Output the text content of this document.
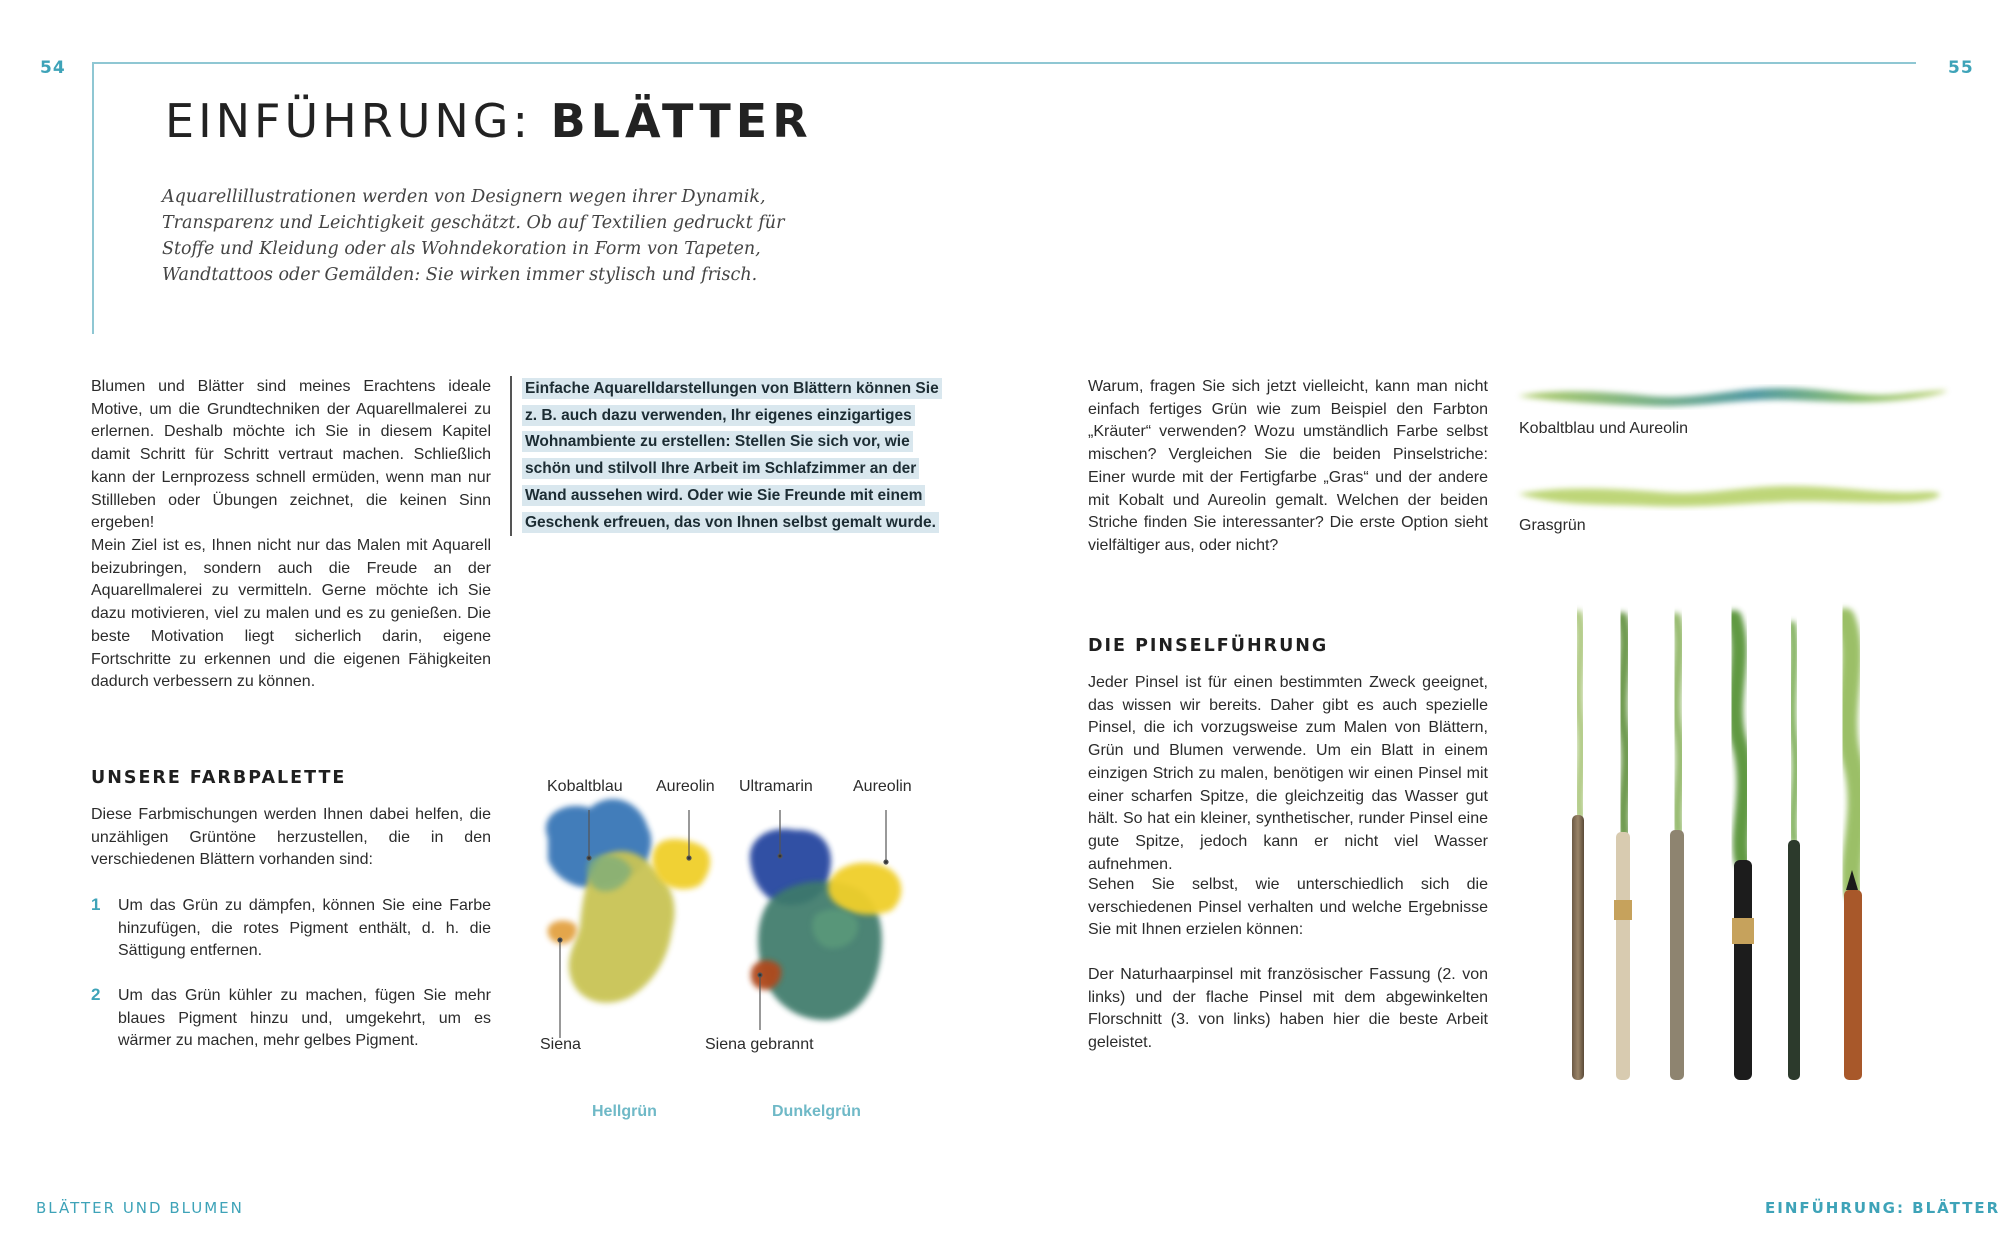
54	55
EINFÜHRUNG: BLÄTTER
Aquarellillustrationen werden von Designern wegen ihrer Dynamik, Transparenz und Leichtigkeit geschätzt. Ob auf Textilien gedruckt für Stoffe und Kleidung oder als Wohndekoration in Form von Tapeten, Wandtattoos oder Gemälden: Sie wirken immer stylisch und frisch.
Blumen und Blätter sind meines Erachtens ideale Motive, um die Grundtechniken der Aquarellmalerei zu erlernen. Deshalb möchte ich Sie in diesem Kapitel damit Schritt für Schritt vertraut machen. Schließlich kann der Lernprozess schnell ermüden, wenn man nur Stillleben oder Übungen zeichnet, die keinen Sinn ergeben!
Mein Ziel ist es, Ihnen nicht nur das Malen mit Aquarell beizubringen, sondern auch die Freude an der Aquarellmalerei zu vermitteln. Gerne möchte ich Sie dazu motivieren, viel zu malen und es zu genießen. Die beste Motivation liegt sicherlich darin, eigene Fortschritte zu erkennen und die eigenen Fähigkeiten dadurch verbessern zu können.
Einfache Aquarelldarstellungen von Blättern können Sie z. B. auch dazu verwenden, Ihr eigenes einzigartiges Wohnambiente zu erstellen: Stellen Sie sich vor, wie schön und stilvoll Ihre Arbeit im Schlafzimmer an der Wand aussehen wird. Oder wie Sie Freunde mit einem Geschenk erfreuen, das von Ihnen selbst gemalt wurde.
UNSERE FARBPALETTE
Diese Farbmischungen werden Ihnen dabei helfen, die unzähligen Grüntöne herzustellen, die in den verschiedenen Blättern vorhanden sind:
1 Um das Grün zu dämpfen, können Sie eine Farbe hinzufügen, die rotes Pigment enthält, d. h. die Sättigung entfernen.
2 Um das Grün kühler zu machen, fügen Sie mehr blaues Pigment hinzu und, umgekehrt, um es wärmer zu machen, mehr gelbes Pigment.
Kobaltblau Aureolin Ultramarin	Aureolin
Siena	Siena gebrannt
Hellgrün	Dunkelgrün
Warum, fragen Sie sich jetzt vielleicht, kann man nicht einfach fertiges Grün wie zum Beispiel den Farbton „Kräuter“ verwenden? Wozu umständlich Farbe selbst mischen? Vergleichen Sie die beiden Pinselstriche: Einer wurde mit der Fertigfarbe „Gras“ und der andere mit Kobalt und Aureolin gemalt. Welchen der beiden Striche finden Sie interessanter? Die erste Option sieht vielfältiger aus, oder nicht?
Kobaltblau und Aureolin
Grasgrün
DIE PINSELFÜHRUNG
Jeder Pinsel ist für einen bestimmten Zweck geeignet, das wissen wir bereits. Daher gibt es auch spezielle Pinsel, die ich vorzugsweise zum Malen von Blättern, Grün und Blumen verwende. Um ein Blatt in einem einzigen Strich zu malen, benötigen wir einen Pinsel mit einer scharfen Spitze, die gleichzeitig das Wasser gut hält. So hat ein kleiner, synthetischer, runder Pinsel eine gute Spitze, jedoch kann er nicht viel Wasser aufnehmen.
Sehen Sie selbst, wie unterschiedlich sich die verschiedenen Pinsel verhalten und welche Ergebnisse Sie mit Ihnen erzielen können:
Der Naturhaarpinsel mit französischer Fassung (2. von links) und der flache Pinsel mit dem abgewinkelten Florschnitt (3. von links) haben hier die beste Arbeit geleistet.
BLÄTTER UND BLUMEN	EINFÜHRUNG: BLÄTTER
